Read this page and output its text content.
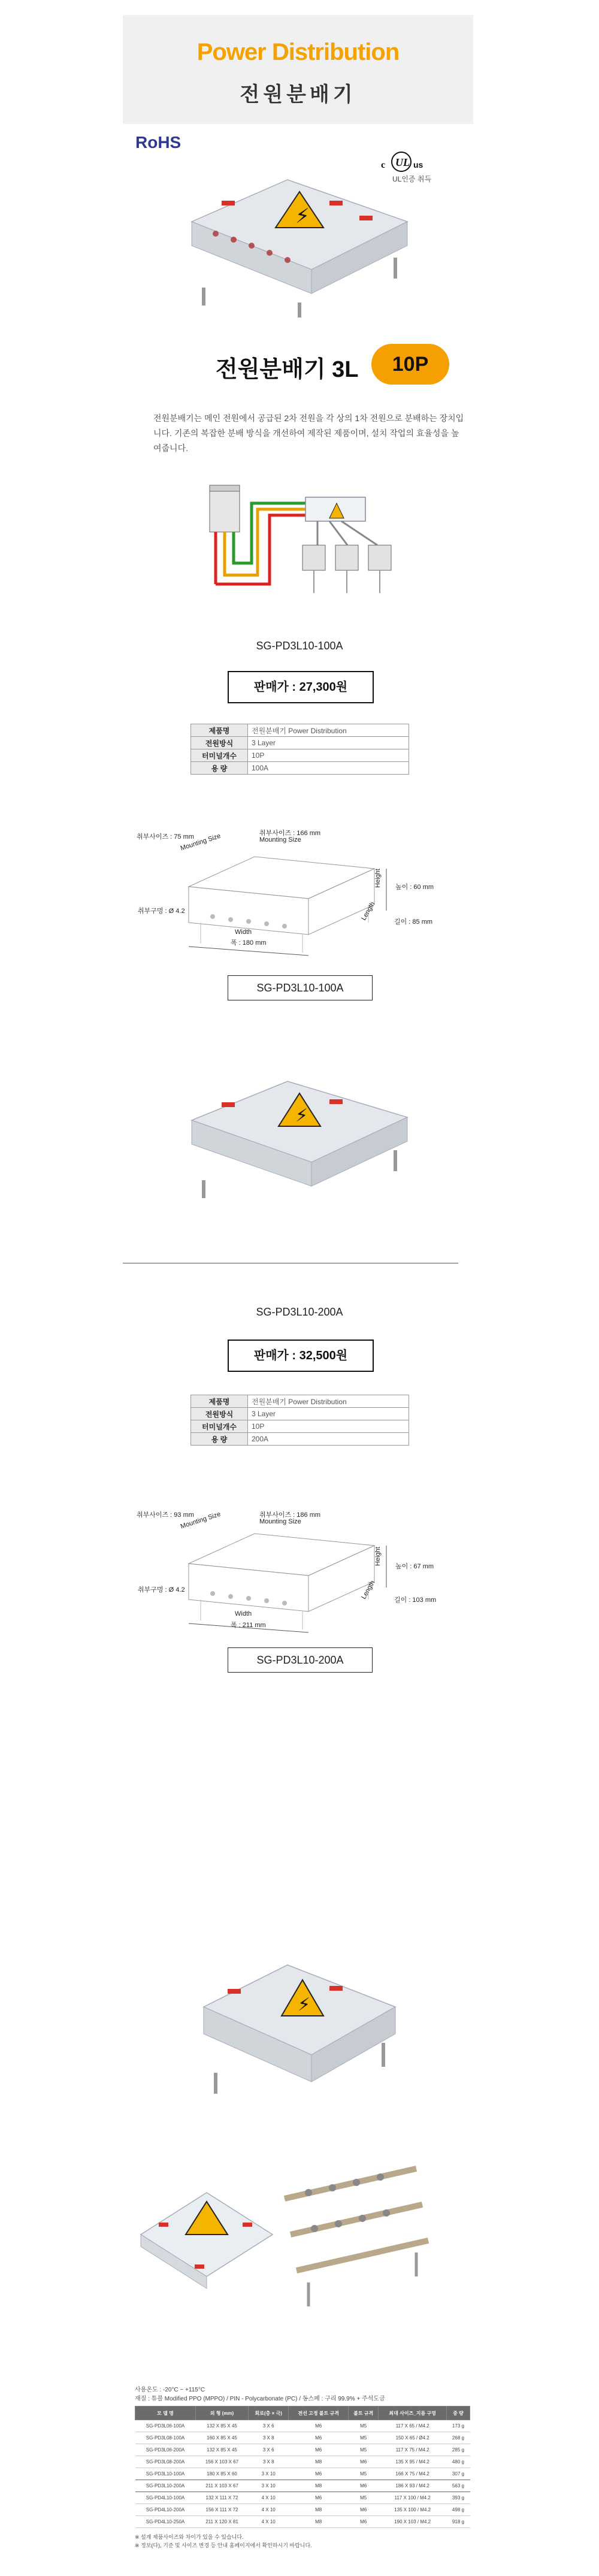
Power Distribution
전원분배기
RoHS
c UL us
UL인증 취득
⚡
전원분배기 3L	10P
전원분배기는 메인 전원에서 공급된 2차 전원을 각 상의 1차 전원으로 분배하는 장치입니다. 기존의 복잡한 분배 방식을 개선하여 제작된 제품이며, 설치 작업의 효율성을 높여줍니다.
SG-PD3L10-100A
판매가 : 27,300원
제품명	전원분배기 Power Distribution
전원방식	3 Layer
터미널개수	10P
용 량	100A
취부사이즈 : 75 mm
Mounting Size	취부사이즈 : 166 mm
Mounting Size
높이 : 60 mm
Height
길이 : 85 mm
Length
취부구멍 : Ø 4.2
Width
폭 : 180 mm
SG-PD3L10-100A
⚡
SG-PD3L10-200A
판매가 : 32,500원
제품명	전원분배기 Power Distribution
전원방식	3 Layer
터미널개수	10P
용 량	200A
취부사이즈 : 93 mm
Mounting Size	취부사이즈 : 186 mm
Mounting Size
높이 : 67 mm
Height
길이 : 103 mm
Length
취부구멍 : Ø 4.2
Width
폭 : 211 mm
SG-PD3L10-200A
⚡
사용온도 : -20°C ~ +115°C
재질 : 튜블 Modified PPO (MPPO) / PIN - Polycarbonate (PC) / 동스페 : 구리 99.9% + 주석도금
모 델 명	외 형 (mm)	회로(층 × 극)	전선 고정 볼트 규격	볼트 규격	최대 사이즈_지름 구멍	중 량
SG-PD3L06-100A	132 X 85 X 45	3 X 6	M6	M5	117 X 65 / M4.2	173 g
SG-PD3L08-100A	160 X 85 X 45	3 X 8	M6	M5	150 X 65 / Ø4.2	268 g
SG-PD3L06-200A	132 X 85 X 45	3 X 6	M6	M5	117 X 75 / M4.2	285 g
SG-PD3L08-200A	156 X 103 X 67	3 X 8	M8	M6	135 X 95 / M4.2	480 g
SG-PD3L10-100A	180 X 85 X 60	3 X 10	M6	M5	166 X 75 / M4.2	307 g
SG-PD3L10-200A	211 X 103 X 67	3 X 10	M8	M6	186 X 93 / M4.2	563 g
SG-PD4L10-100A	132 X 111 X 72	4 X 10	M6	M5	117 X 100 / M4.2	393 g
SG-PD4L10-200A	156 X 111 X 72	4 X 10	M8	M6	135 X 100 / M4.2	498 g
SG-PD4L10-250A	211 X 120 X 81	4 X 10	M8	M6	190 X 103 / M4.2	918 g
※ 설계 제품사이즈와 차이가 있을 수 있습니다.
※ 정보(다), 기준 및 사이즈 변경 등 안내 홈페이지에서 확인하시기 바랍니다.
